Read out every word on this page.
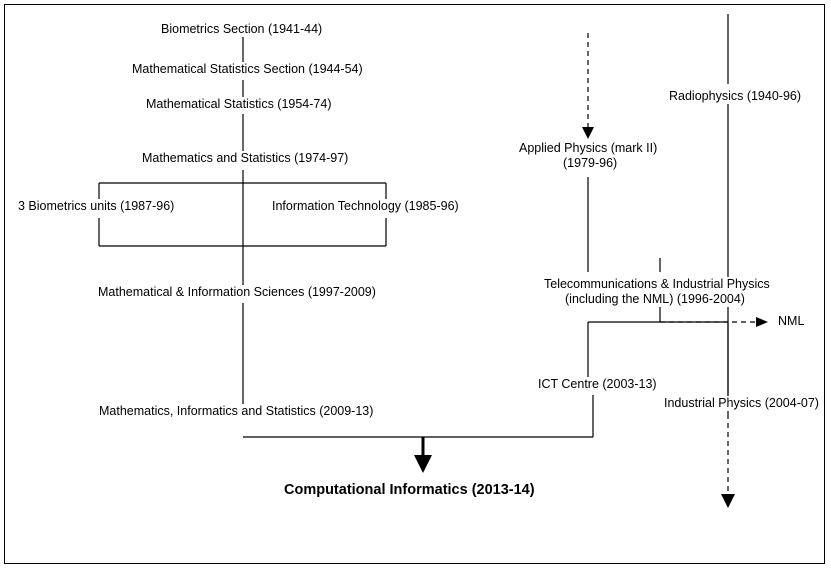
Biometrics Section (1941-44)
Mathematical Statistics Section (1944-54)
Mathematical Statistics (1954-74)
Mathematics and Statistics (1974-97)
3 Biometrics units (1987-96)	Information Technology (1985-96)
Mathematical & Information Sciences (1997-2009)
Mathematics, Informatics and Statistics (2009-13)
Computational Informatics (2013-14)
Radiophysics (1940-96)
Applied Physics (mark II)
(1979-96)
Telecommunications & Industrial Physics
(including the NML) (1996-2004)
NML
ICT Centre (2003-13)
Industrial Physics (2004-07)
